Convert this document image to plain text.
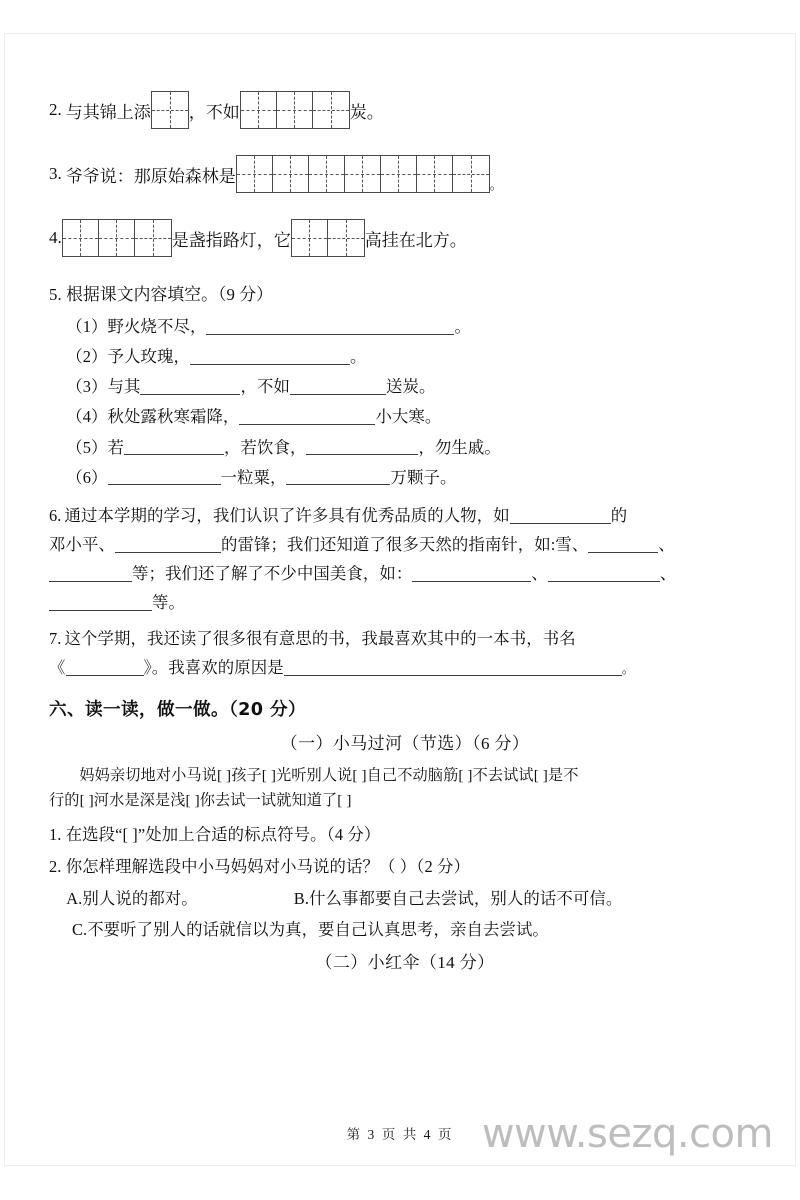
2. 与其锦上添 ，不如	炭。
3. 爷爷说：那原始森林是	。
4.	是盏指路灯，它	高挂在北方。
5. 根据课文内容填空。（9 分）
（1）野火烧不尽，	。
（2）予人玫瑰，	。
（3）与其	，不如	送炭。
（4）秋处露秋寒霜降，	小大寒。
（5）若	，若饮食，	，勿生戚。
（6）	一粒粟，	万颗子。
6. 通过本学期的学习，我们认识了许多具有优秀品质的人物，如	的
邓小平、	的雷锋；我们还知道了很多天然的指南针，如:雪、	、
等；我们还了解了不少中国美食，如：	、	、
等。
7. 这个学期，我还读了很多很有意思的书，我最喜欢其中的一本书，书名
《	》。我喜欢的原因是	。
六、读一读，做一做。（20 分）
（一）小马过河（节选）（6 分）
妈妈亲切地对小马说[ ]孩子[ ]光听别人说[ ]自己不动脑筋[ ]不去试试[ ]是不
行的[ ]河水是深是浅[ ]你去试一试就知道了[ ]
1. 在选段“[ ]”处加上合适的标点符号。（4 分）
2. 你怎样理解选段中小马妈妈对小马说的话？（ ）（2 分）
A.别人说的都对。	B.什么事都要自己去尝试，别人的话不可信。
C.不要听了别人的话就信以为真，要自己认真思考，亲自去尝试。
（二）小红伞（14 分）
第 3 页 共 4 页 www.sezq.com
